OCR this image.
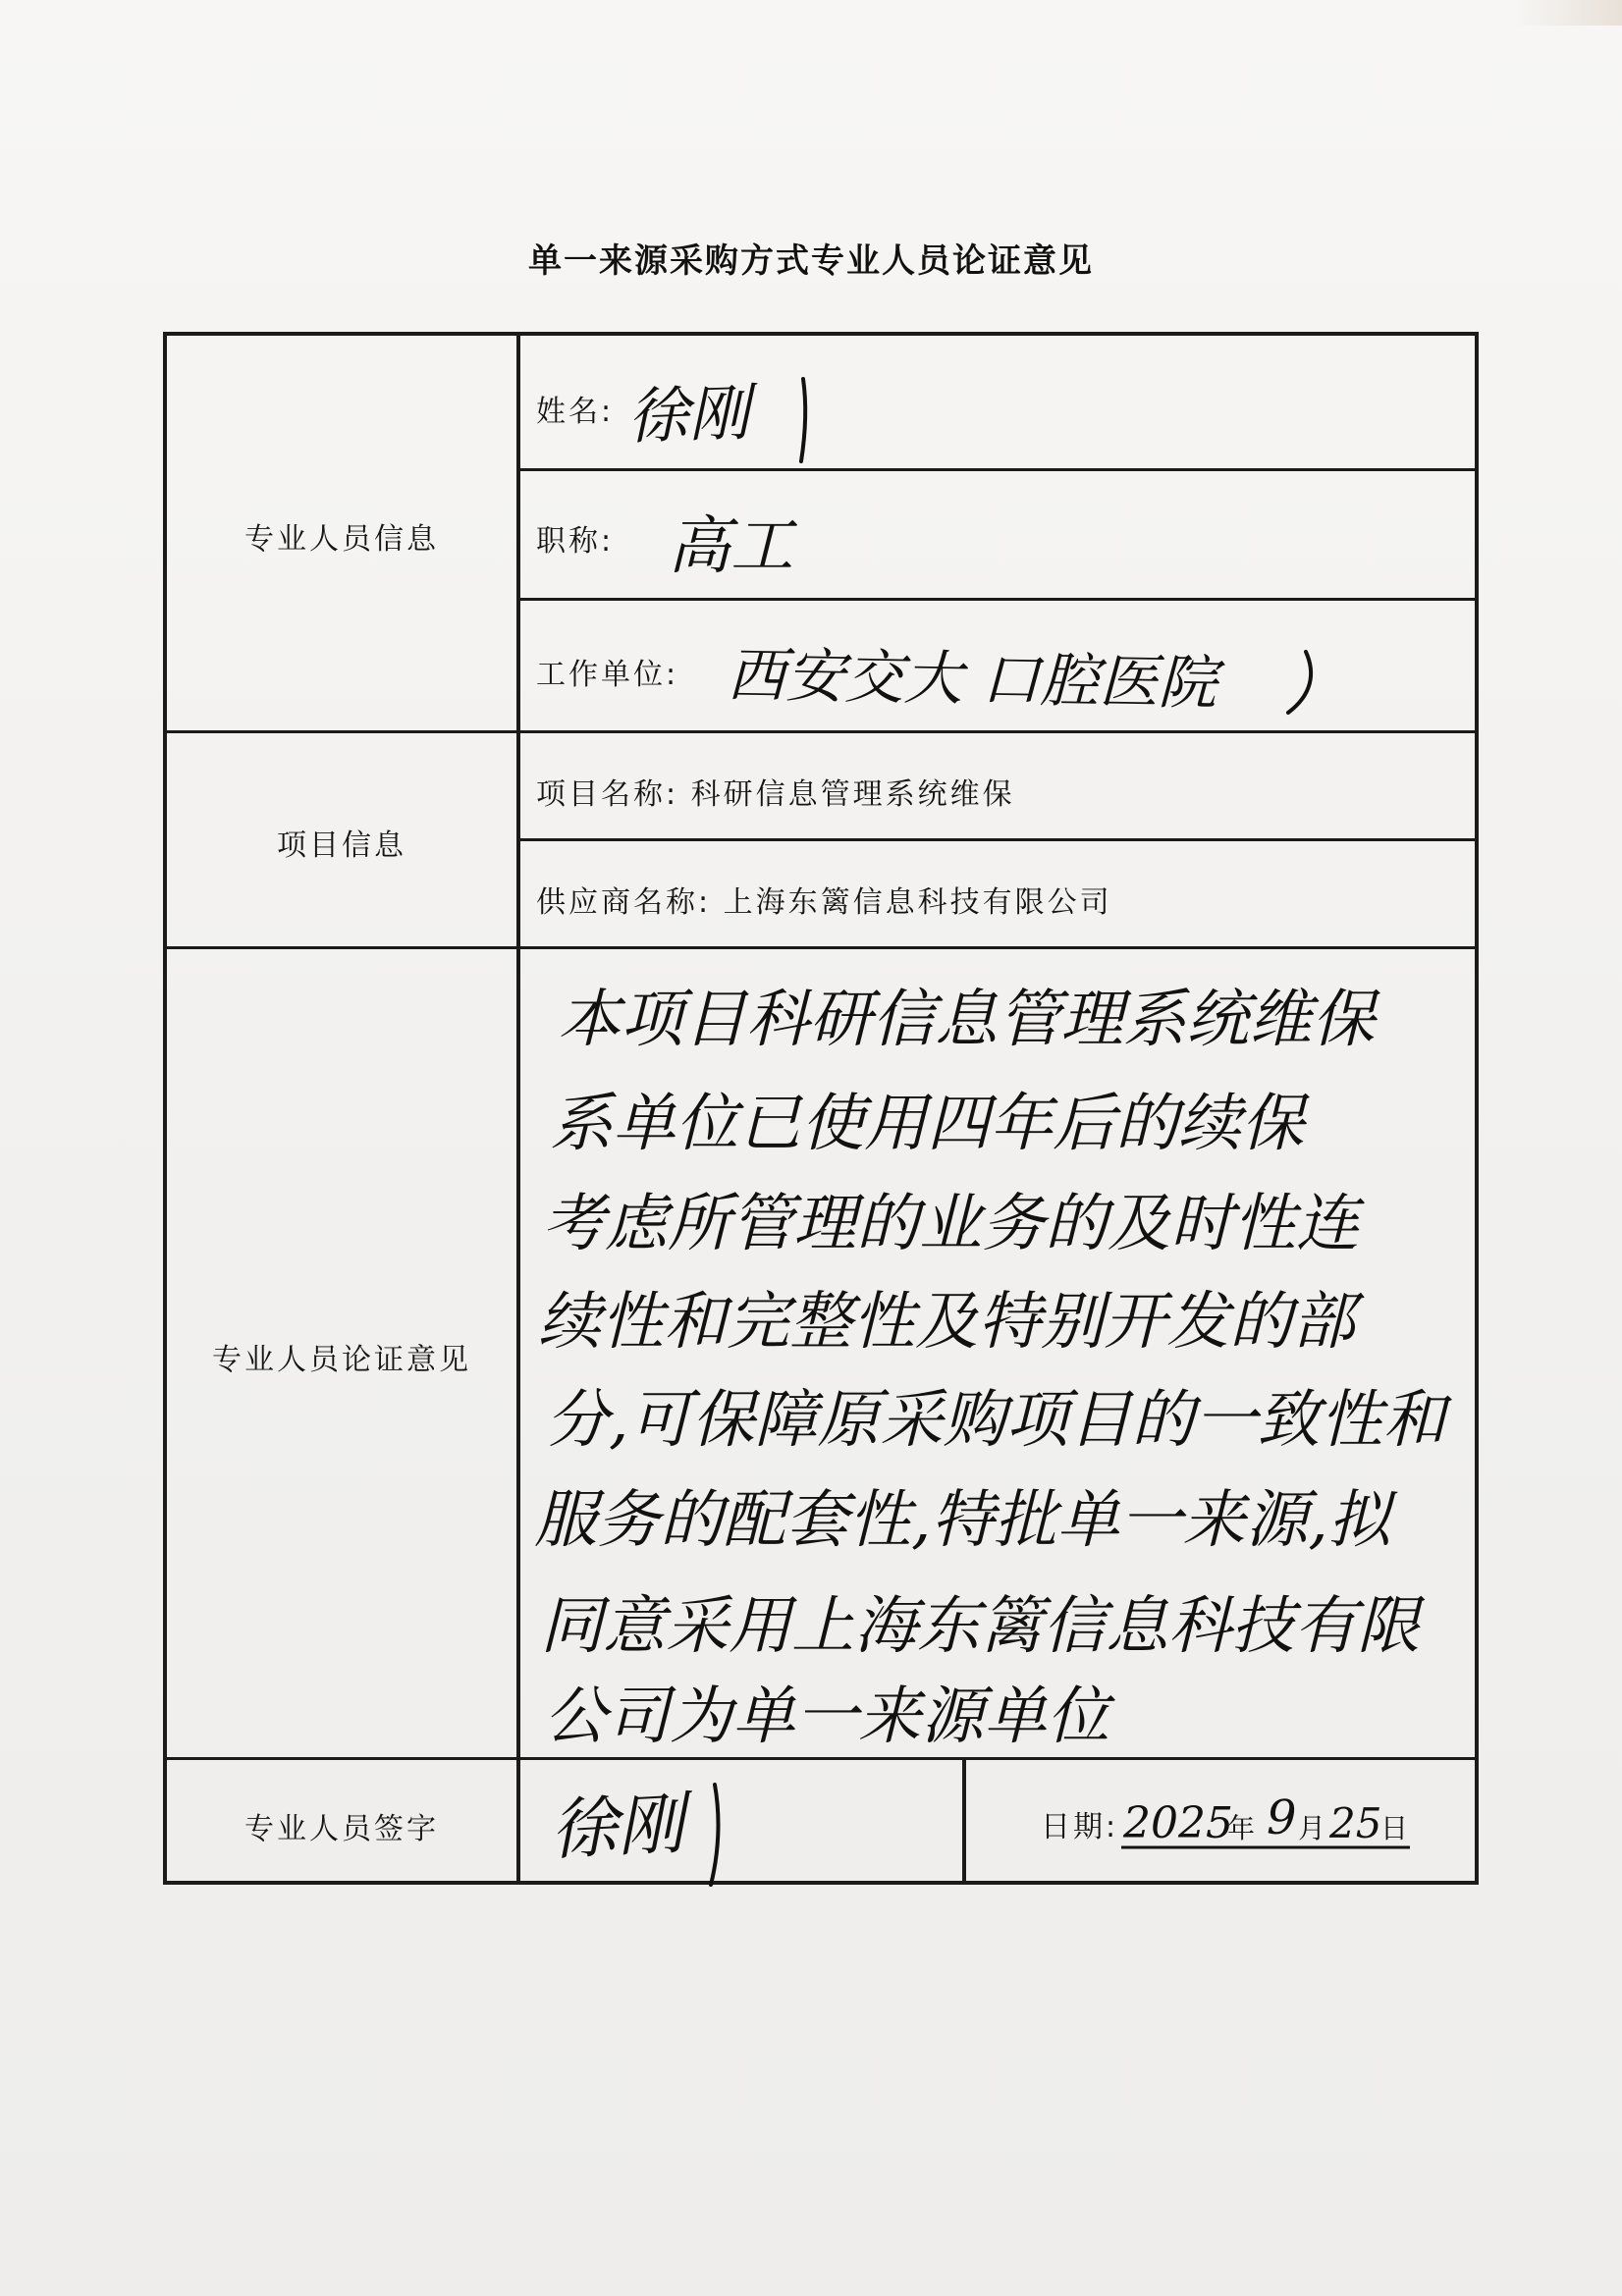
单一来源采购方式专业人员论证意见
专业人员信息
项目信息
专业人员论证意见
专业人员签字
姓名:
职称:
工作单位:
项目名称: 科研信息管理系统维保
供应商名称: 上海东篱信息科技有限公司
日期:
徐刚
高工
西安交大 口腔医院
本项目科研信息管理系统维保
系单位已使用四年后的续保
考虑所管理的业务的及时性连
续性和完整性及特别开发的部
分,可保障原采购项目的一致性和
服务的配套性,特批单一来源,拟
同意采用上海东篱信息科技有限
公司为单一来源单位
徐刚	2025
年 9 月 25
日
